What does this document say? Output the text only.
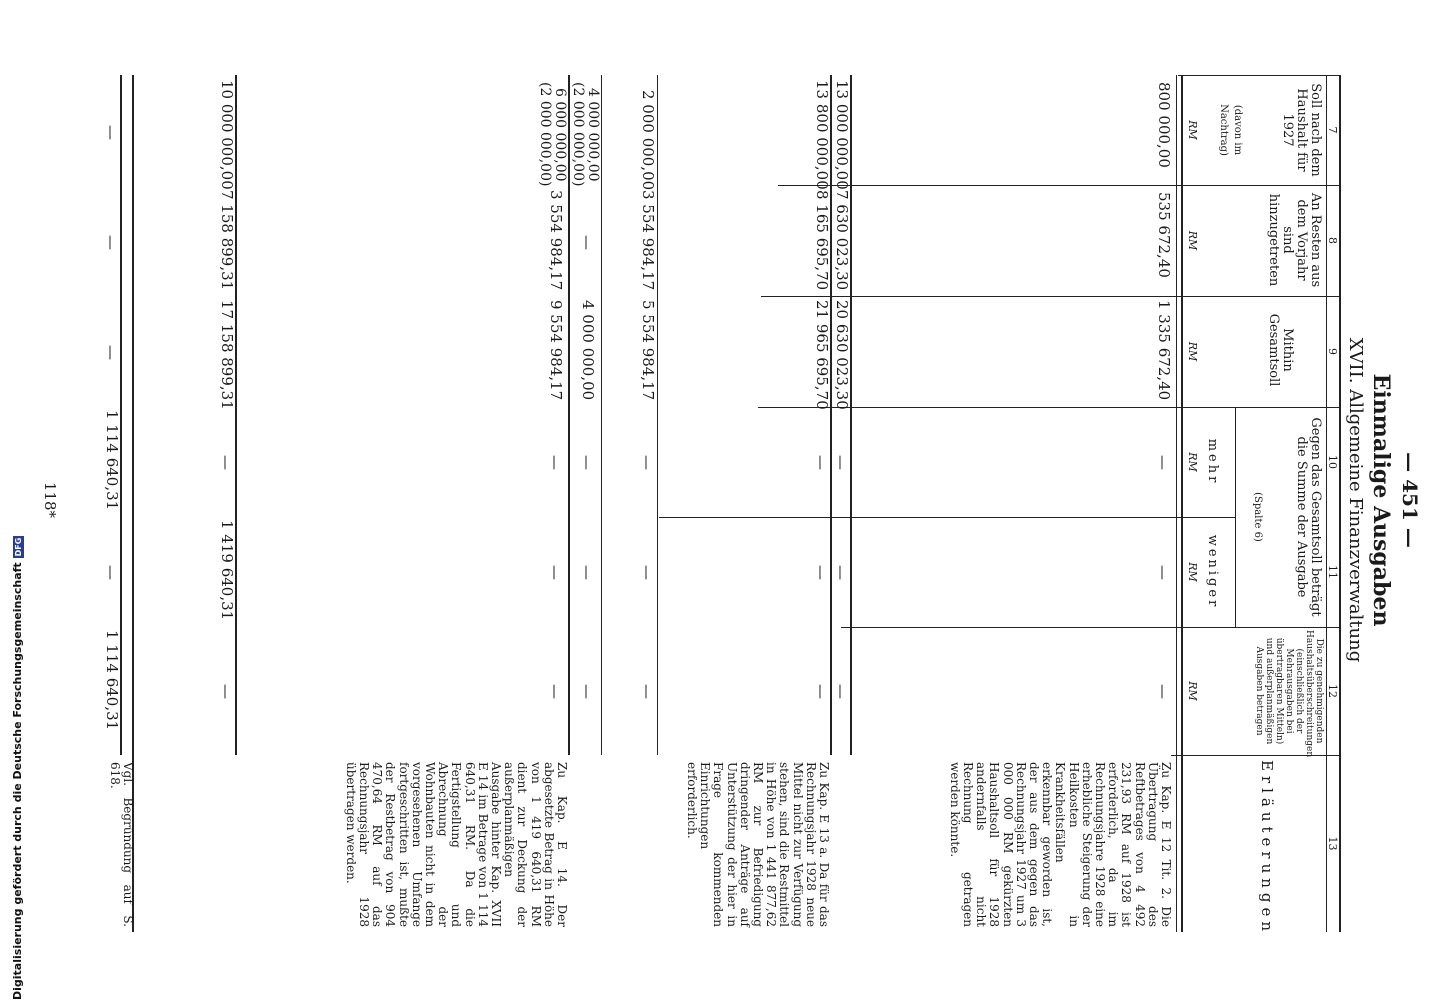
Digitalisierung gefördert durch die Deutsche ForschungsgemeinschaftDFG	— 451 —
Einmalige Ausgaben
XVII. Allgemeine Finanzverwaltung
7
8
9
10
11
12
13
Soll nach dem Haushalt für 1927
(davon im Nachtrag)
An Resten aus dem Vorjahr sind hinzugetreten
Mithin Gesamtsoll
Gegen das Gesamtsoll beträgt die Summe der Ausgabe
(Spalte 6)
mehr
weniger
Die zu genehmigenden Haushaltsüberschreitungen (einschließlich der Mehrausgaben bei übertragbaren Mitteln) und außerplanmäßigen Ausgaben betragen
Erläuterungen
RM
RM
RM
RM
RM
RM
800 000,00
535 672,40
1 335 672,40
—
—
—
13 000 000,00
7 630 023,30
20 630 023,30
—
—
—
13 800 000,00
8 165 695,70
21 965 695,70
—
—
—
2 000 000,00
3 554 984,17
5 554 984,17
—
—
—
4 000 000,00
(2 000 000,00)
—
4 000 000,00
—
—
—
6 000 000,00
(2 000 000,00)
3 554 984,17
9 554 984,17
—
—
—
10 000 000,00
7 158 899,31
17 158 899,31
—
1 419 640,31
—
—
—
—
1 114 640,31
—
1 114 640,31
Zu Kap. E 12 Tit. 2. Die Übertragung des Reftbetrages von 4 492 231,93 RM auf 1928 ist erforderlich, da im Rechnungsjahre 1928 eine erhebliche Steigerung der Heilkosten in Krankheitsfällen erkennbar geworden ist, der aus dem gegen das Rechnungsjahr 1927 um 3 000 000 RM gekürzten Haushaltsoll für 1928 andernfalls nicht Rechnung getragen werden könnte.
Zu Kap. E 13 a. Da für das Rechnungsjahr 1928 neue Mittel nicht zur Verfügung stehen, sind die Restmittel in Höhe von 1 441 877,62 RM zur Befriedigung dringender Anträge auf Unterstützung der hier in Frage kommenden Einrichtungen erforderlich.
Zu Kap. E 14. Der abgesetzte Betrag in Höhe von 1 419 640,31 RM dient zur Deckung der außerplanmäßigen Ausgabe hinter Kap. XVII E 14 im Betrage von 1 114 640,31 RM. Da die Fertigstellung und Abrechnung der Wohnbauten nicht in dem vorgesehenen Umfange fortgeschritten ist, mußte der Restbetrag von 904 470,64 RM auf das Rechnungsjahr 1928 übertragen werden.
Vgl. Begründung auf S. 618.
118*
